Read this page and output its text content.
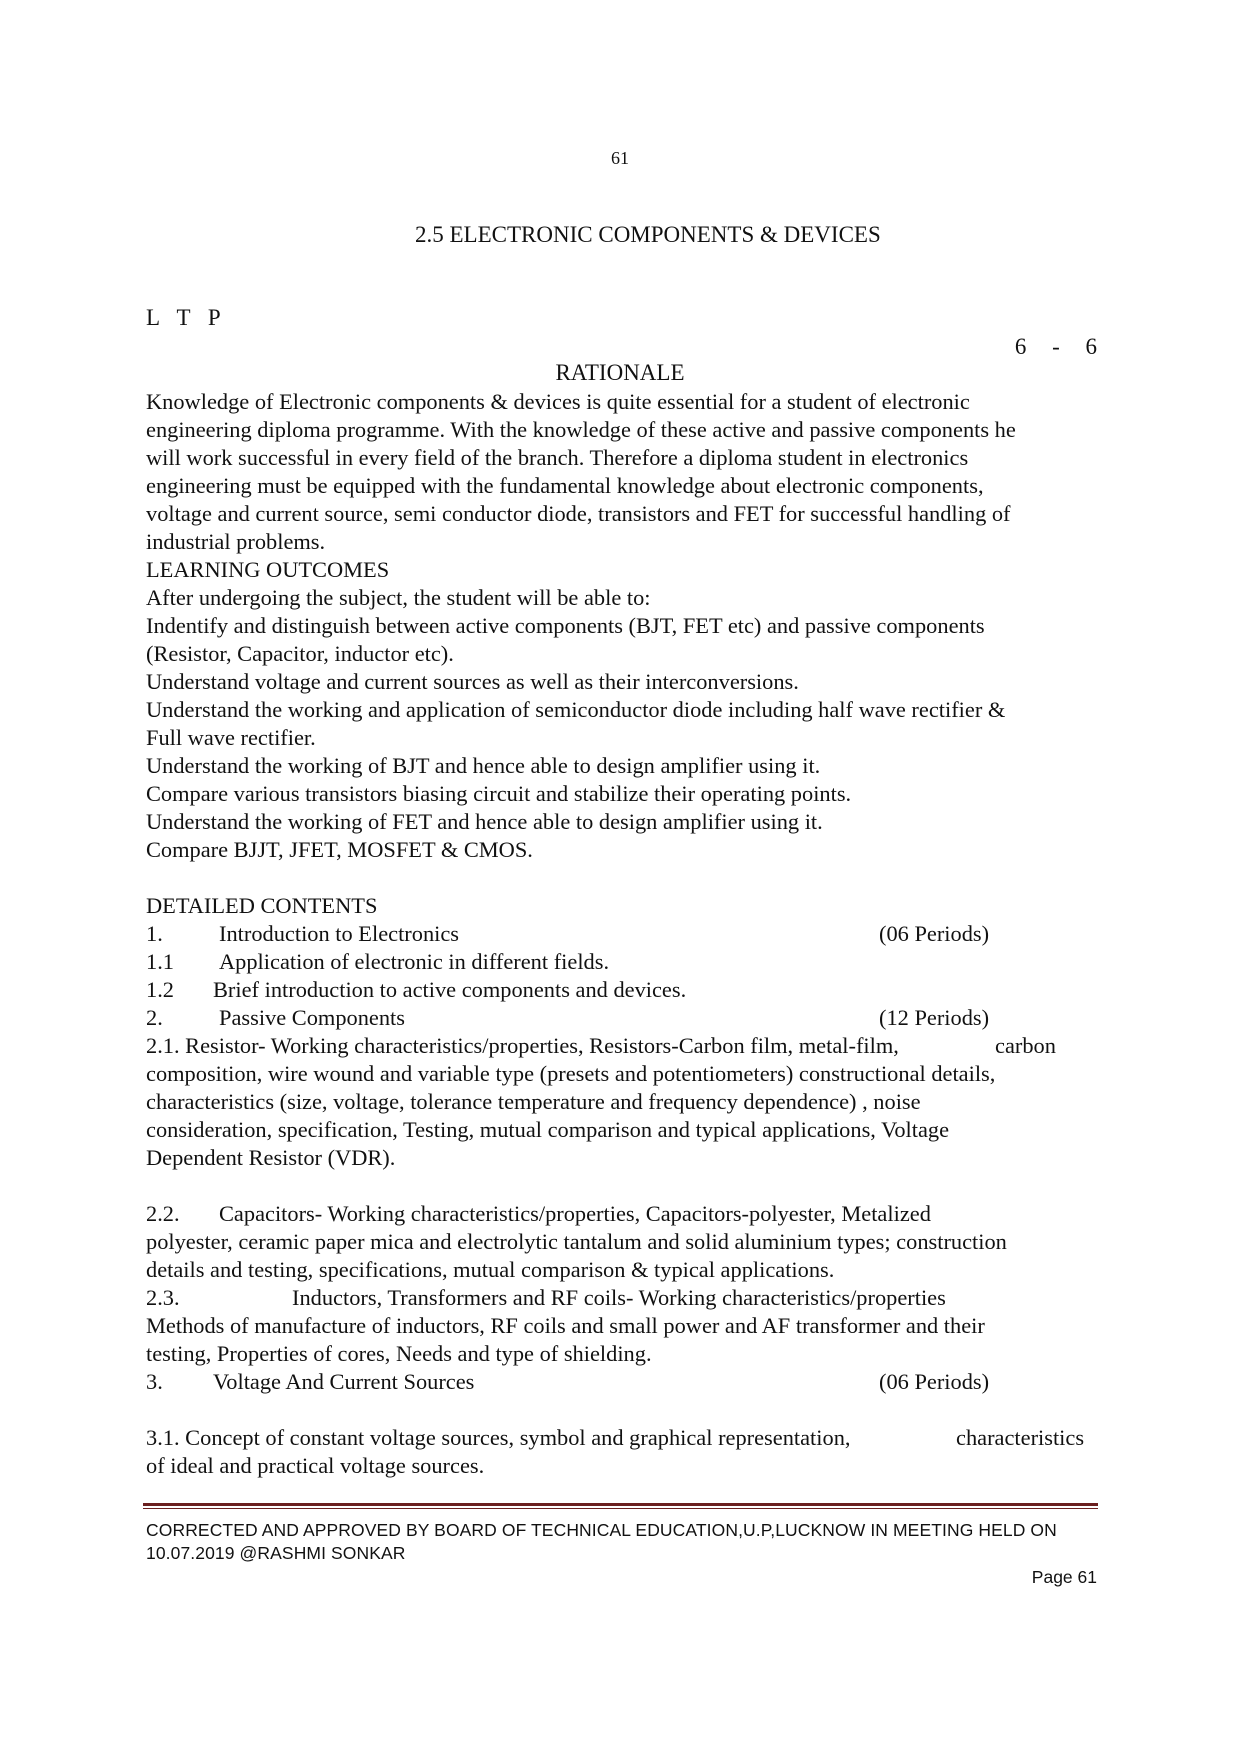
61
2.5 ELECTRONIC COMPONENTS & DEVICES
L T P
6 - 6
RATIONALE

Knowledge of Electronic components & devices is quite essential for a student of electronic

engineering diploma programme. With the knowledge of these active and passive components he

will work successful in every field of the branch. Therefore a diploma student in electronics

engineering must be equipped with the fundamental knowledge about electronic components,

voltage and current source, semi conductor diode, transistors and FET for successful handling of

industrial problems.

LEARNING OUTCOMES

After undergoing the subject, the student will be able to:

Indentify and distinguish between active components (BJT, FET etc) and passive components

(Resistor, Capacitor, inductor etc).

Understand voltage and current sources as well as their interconversions.

Understand the working and application of semiconductor diode including half wave rectifier &

Full wave rectifier.

Understand the working of BJT and hence able to design amplifier using it.

Compare various transistors biasing circuit and stabilize their operating points.

Understand the working of FET and hence able to design amplifier using it.

Compare BJJT, JFET, MOSFET & CMOS.

DETAILED CONTENTS

1.	Introduction to Electronics	(06 Periods)
1.1 Application of electronic in different fields.
1.2 Brief introduction to active components and devices.
2.	Passive Components	(12 Periods)
2.1. Resistor- Working characteristics/properties, Resistors-Carbon film, metal-film,	carbon

composition, wire wound and variable type (presets and potentiometers) constructional details,

characteristics (size, voltage, tolerance temperature and frequency dependence) , noise

consideration, specification, Testing, mutual comparison and typical applications, Voltage

Dependent Resistor (VDR).

2.2. Capacitors- Working characteristics/properties, Capacitors-polyester, Metalized

polyester, ceramic paper mica and electrolytic tantalum and solid aluminium types; construction

details and testing, specifications, mutual comparison & typical applications.

2.3.	Inductors, Transformers and RF coils- Working characteristics/properties

Methods of manufacture of inductors, RF coils and small power and AF transformer and their

testing, Properties of cores, Needs and type of shielding.

3. Voltage And Current Sources	(06 Periods)
3.1. Concept of constant voltage sources, symbol and graphical representation,	characteristics

of ideal and practical voltage sources.

CORRECTED AND APPROVED BY BOARD OF TECHNICAL EDUCATION,U.P,LUCKNOW IN MEETING HELD ON
10.07.2019 @RASHMI SONKAR
Page 61
